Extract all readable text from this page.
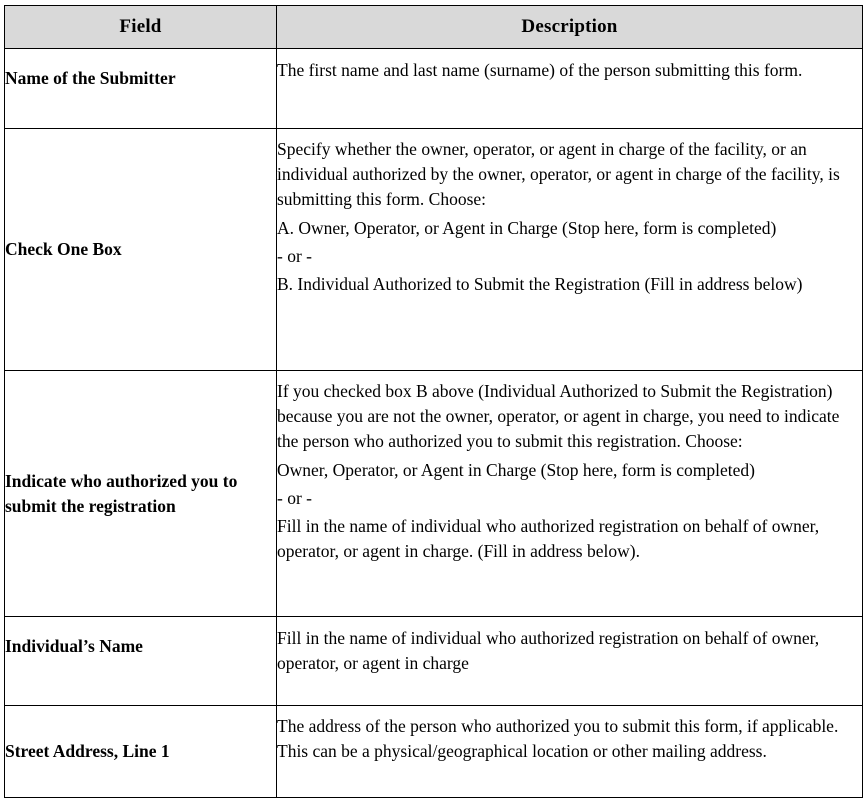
Field	Description

Name of the Submitter	The first name and last name (surname) of the person submitting this form.

Check One Box	Specify whether the owner, operator, or agent in charge of the facility, or an individual authorized by the owner, operator, or agent in charge of the facility, is submitting this form. Choose:

A. Owner, Operator, or Agent in Charge (Stop here, form is completed)

- or -

B. Individual Authorized to Submit the Registration (Fill in address below)

Indicate who authorized you to submit the registration	If you checked box B above (Individual Authorized to Submit the Registration) because you are not the owner, operator, or agent in charge, you need to indicate the person who authorized you to submit this registration. Choose:

Owner, Operator, or Agent in Charge (Stop here, form is completed)

- or -

Fill in the name of individual who authorized registration on behalf of owner, operator, or agent in charge. (Fill in address below).

Individual’s Name	Fill in the name of individual who authorized registration on behalf of owner, operator, or agent in charge

Street Address, Line 1	The address of the person who authorized you to submit this form, if applicable. This can be a physical/geographical location or other mailing address.
